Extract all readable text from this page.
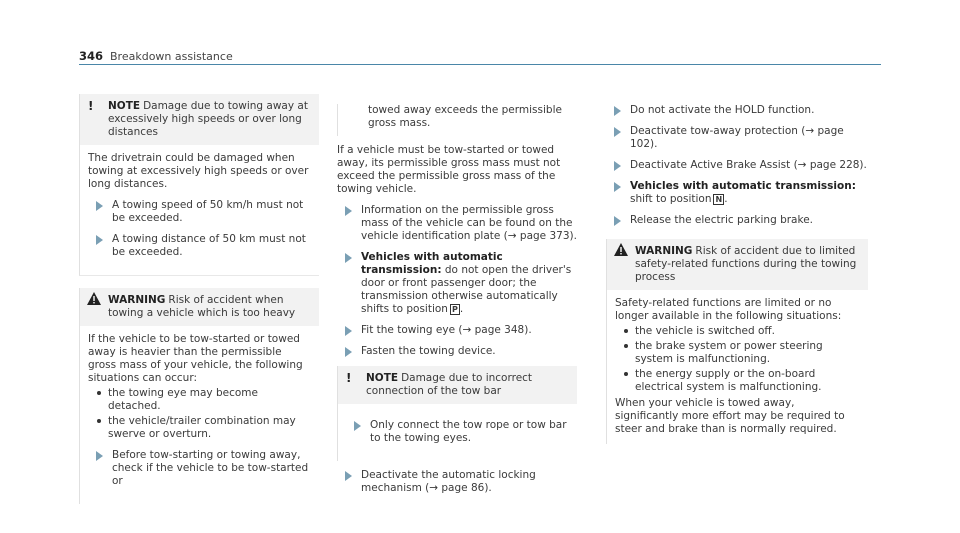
346 Breakdown assistance
! NOTE Damage due to towing away at excessively high speeds or over long distances

The drivetrain could be damaged when towing at excessively high speeds or over long distances.

A towing speed of 50 km/h must not be exceeded.
A towing distance of 50 km must not be exceeded.
WARNING Risk of accident when towing a vehicle which is too heavy

If the vehicle to be tow-started or towed away is heavier than the permissible gross mass of your vehicle, the following situations can occur:

the towing eye may become detached.
the vehicle/trailer combination may swerve or overturn.
Before tow-starting or towing away, check if the vehicle to be tow-started or

towed away exceeds the permissible gross mass.

If a vehicle must be tow-started or towed away, its permissible gross mass must not exceed the permissible gross mass of the towing vehicle.

Information on the permissible gross mass of the vehicle can be found on the vehicle identification plate (→ page 373).
Vehicles with automatic transmission: do not open the driver's door or front passenger door; the transmission otherwise automatically shifts to position P .
Fit the towing eye (→ page 348).
Fasten the towing device.
! NOTE Damage due to incorrect connection of the tow bar
Only connect the tow rope or tow bar to the towing eyes.
Deactivate the automatic locking mechanism (→ page 86).
Do not activate the HOLD function.
Deactivate tow-away protection (→ page 102).
Deactivate Active Brake Assist (→ page 228).
Vehicles with automatic transmission: shift to position N .
Release the electric parking brake.
WARNING Risk of accident due to limited safety-related functions during the towing process

Safety-related functions are limited or no longer available in the following situations:

the vehicle is switched off.
the brake system or power steering system is malfunctioning.
the energy supply or the on-board electrical system is malfunctioning.

When your vehicle is towed away, significantly more effort may be required to steer and brake than is normally required.
